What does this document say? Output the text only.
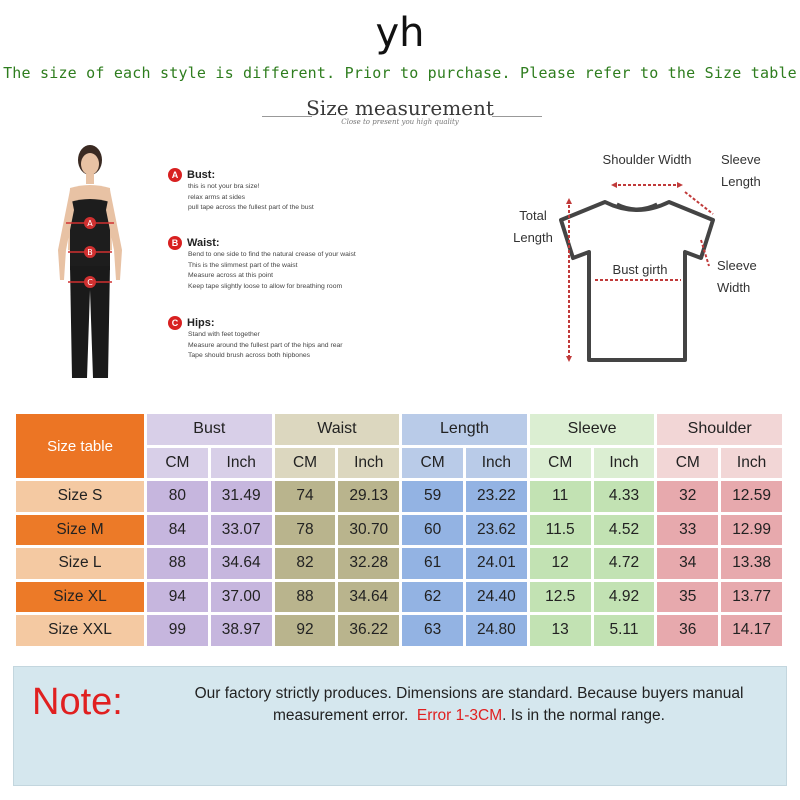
yh
The size of each style is different. Prior to purchase. Please refer to the Size table
Size measurement
Close to present you high quality
A
B
C
A Bust:
this is not your bra size!
relax arms at sides
pull tape across the fullest part of the bust
B Waist:
Bend to one side to find the natural crease of your waist
This is the slimmest part of the waist
Measure across at this point
Keep tape slightly loose to allow for breathing room
C Hips:
Stand with feet together
Measure around the fullest part of the hips and rear
Tape should brush across both hipbones
Shoulder Width Sleeve
Length
Total
Length
Bust girth	Sleeve
Width
Size table	Bust		Waist		Length		Sleeve		Shoulder	
	CM	Inch	CM	Inch	CM	Inch	CM	Inch	CM	Inch
Size S	80	31.49	74	29.13	59	23.22	11	4.33	32	12.59
Size M	84	33.07	78	30.70	60	23.62	11.5	4.52	33	12.99
Size L	88	34.64	82	32.28	61	24.01	12	4.72	34	13.38
Size XL	94	37.00	88	34.64	62	24.40	12.5	4.92	35	13.77
Size XXL	99	38.97	92	36.22	63	24.80	13	5.11	36	14.17
Note:	Our factory strictly produces. Dimensions are standard. Because buyers manual
measurement error. Error 1-3CM. Is in the normal range.
